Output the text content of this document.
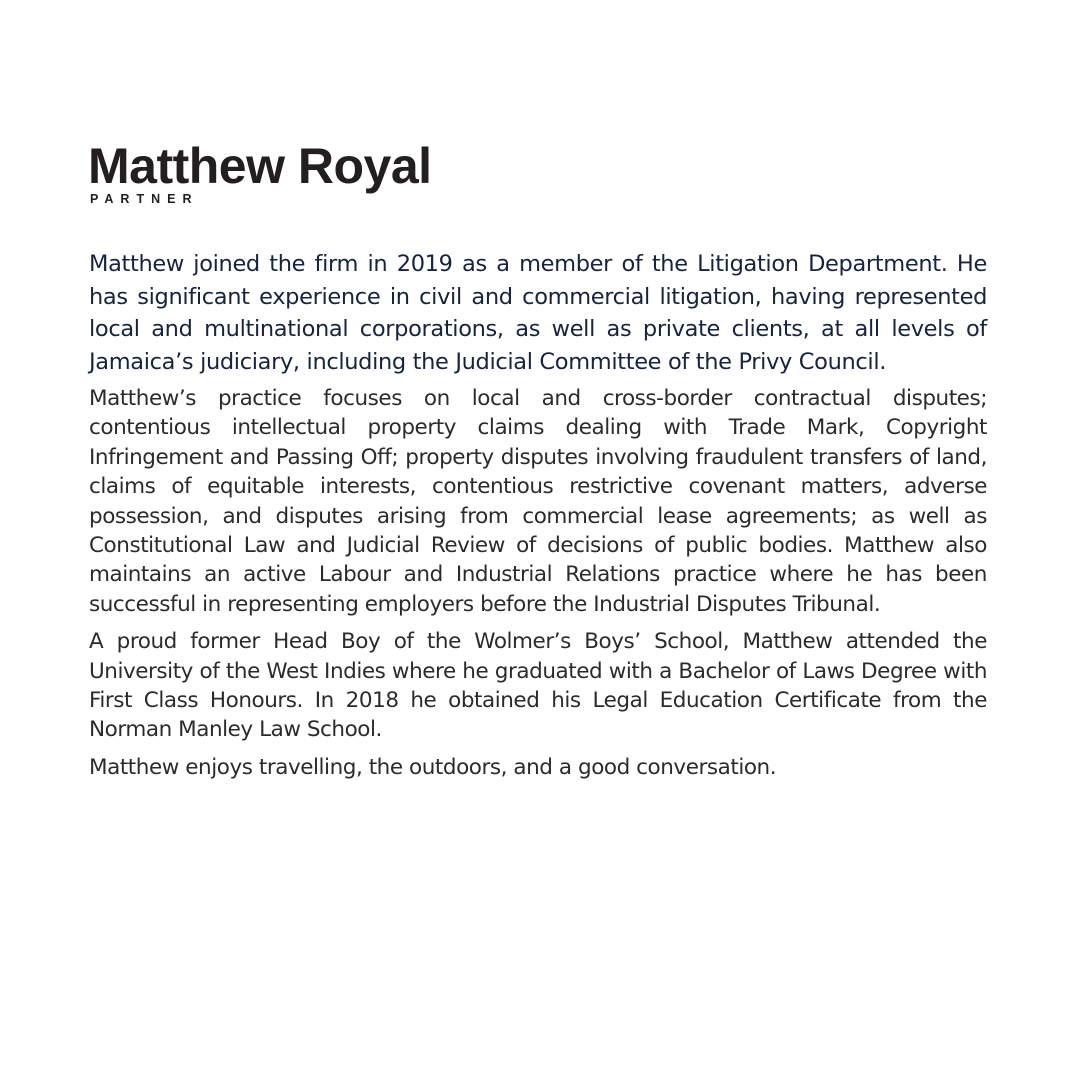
Matthew Royal
PARTNER

Matthew joined the firm in 2019 as a member of the Litigation Department. He has significant experience in civil and commercial litigation, having represented local and multinational corporations, as well as private clients, at all levels of Jamaica’s judiciary, including the Judicial Committee of the Privy Council.

Matthew’s practice focuses on local and cross-border contractual disputes; contentious intellectual property claims dealing with Trade Mark, Copyright Infringement and Passing Off; property disputes involving fraudulent transfers of land, claims of equitable interests, contentious restrictive covenant matters, adverse possession, and disputes arising from commercial lease agreements; as well as Constitutional Law and Judicial Review of decisions of public bodies. Matthew also maintains an active Labour and Industrial Relations practice where he has been successful in representing employers before the Industrial Disputes Tribunal.

A proud former Head Boy of the Wolmer’s Boys’ School, Matthew attended the University of the West Indies where he graduated with a Bachelor of Laws Degree with First Class Honours. In 2018 he obtained his Legal Education Certificate from the Norman Manley Law School.

Matthew enjoys travelling, the outdoors, and a good conversation.
